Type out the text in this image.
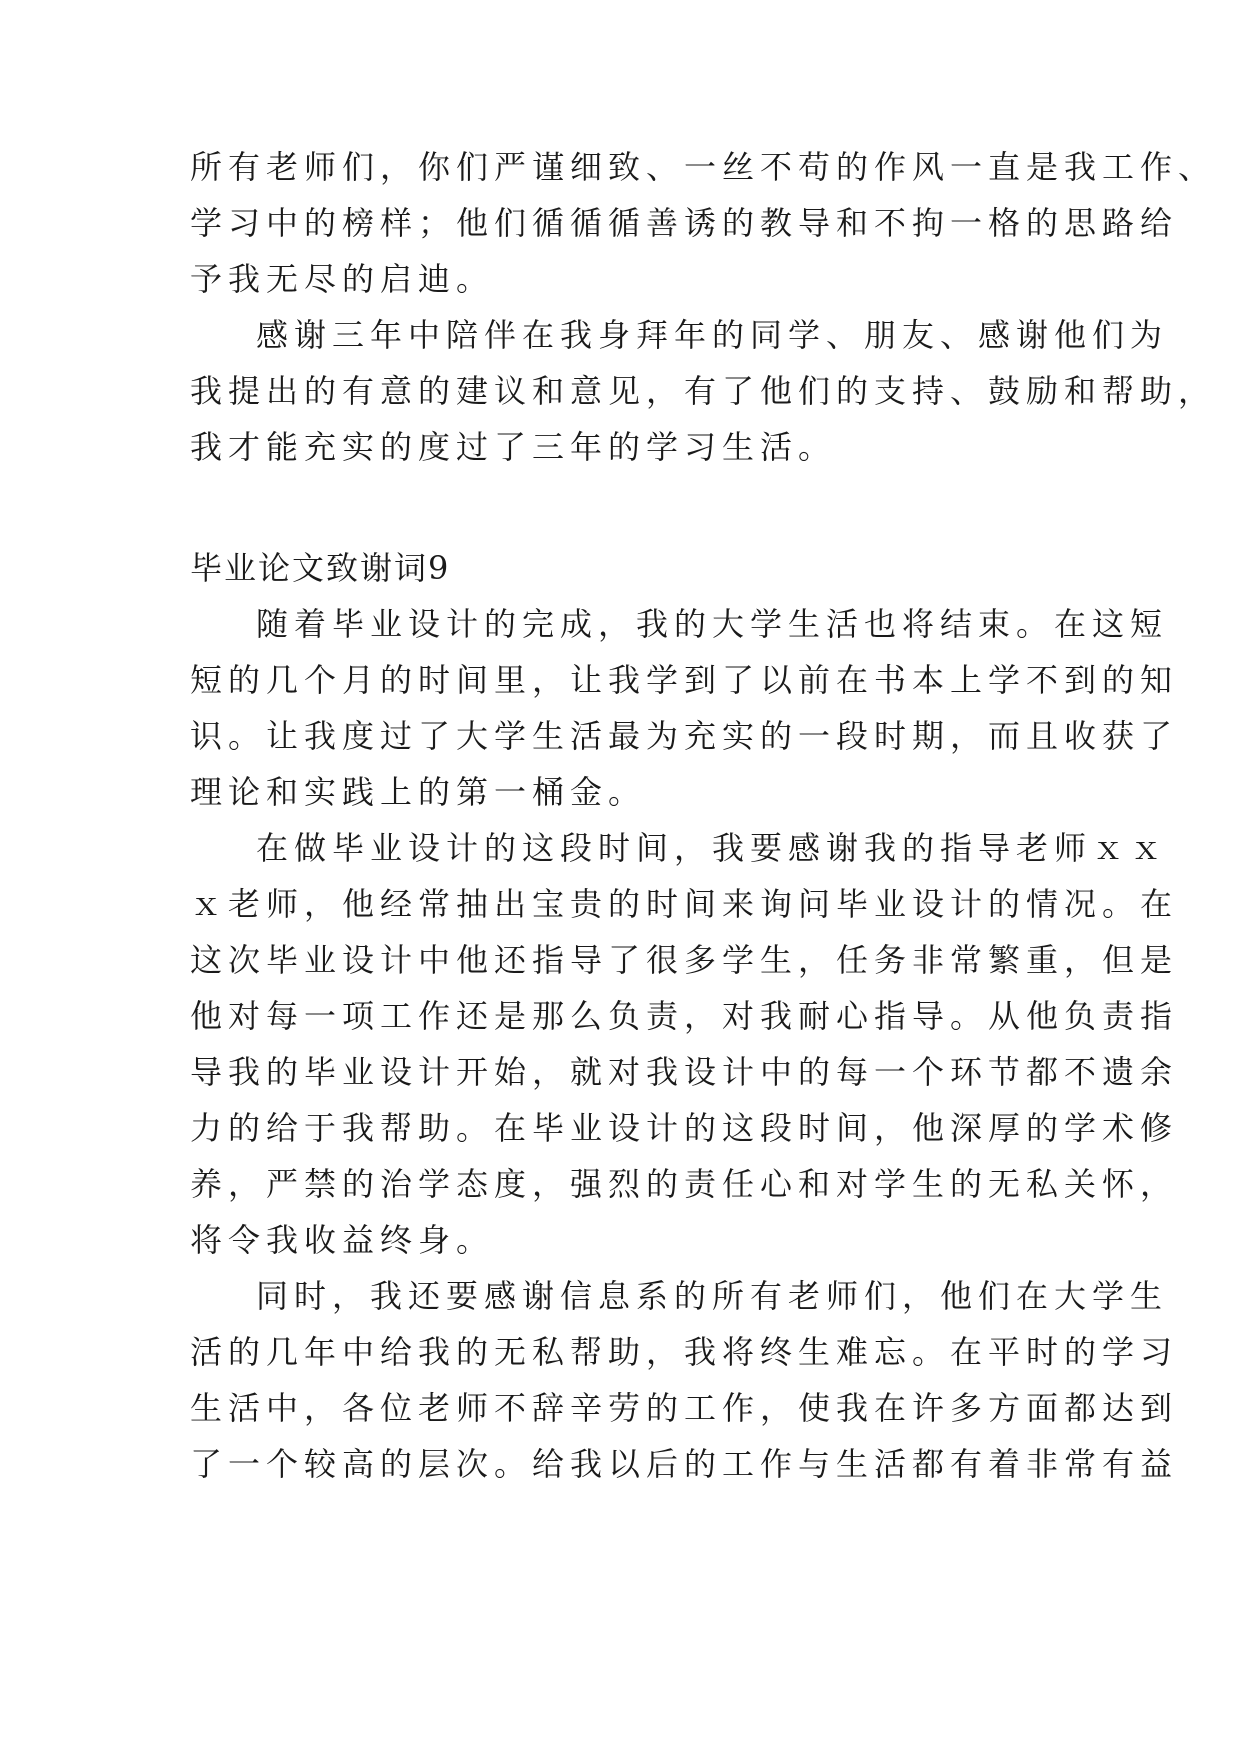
所有老师们，你们严谨细致、一丝不苟的作风一直是我工作、
学习中的榜样；他们循循循善诱的教导和不拘一格的思路给
予我无尽的启迪。
感谢三年中陪伴在我身拜年的同学、朋友、感谢他们为
我提出的有意的建议和意见，有了他们的支持、鼓励和帮助，
我才能充实的度过了三年的学习生活。
毕业论文致谢词9
随着毕业设计的完成，我的大学生活也将结束。在这短
短的几个月的时间里，让我学到了以前在书本上学不到的知
识。让我度过了大学生活最为充实的一段时期，而且收获了
理论和实践上的第一桶金。
在做毕业设计的这段时间，我要感谢我的指导老师ｘｘ
ｘ老师，他经常抽出宝贵的时间来询问毕业设计的情况。在
这次毕业设计中他还指导了很多学生，任务非常繁重，但是
他对每一项工作还是那么负责，对我耐心指导。从他负责指
导我的毕业设计开始，就对我设计中的每一个环节都不遗余
力的给于我帮助。在毕业设计的这段时间，他深厚的学术修
养，严禁的治学态度，强烈的责任心和对学生的无私关怀，
将令我收益终身。
同时，我还要感谢信息系的所有老师们，他们在大学生
活的几年中给我的无私帮助，我将终生难忘。在平时的学习
生活中，各位老师不辞辛劳的工作，使我在许多方面都达到
了一个较高的层次。给我以后的工作与生活都有着非常有益
